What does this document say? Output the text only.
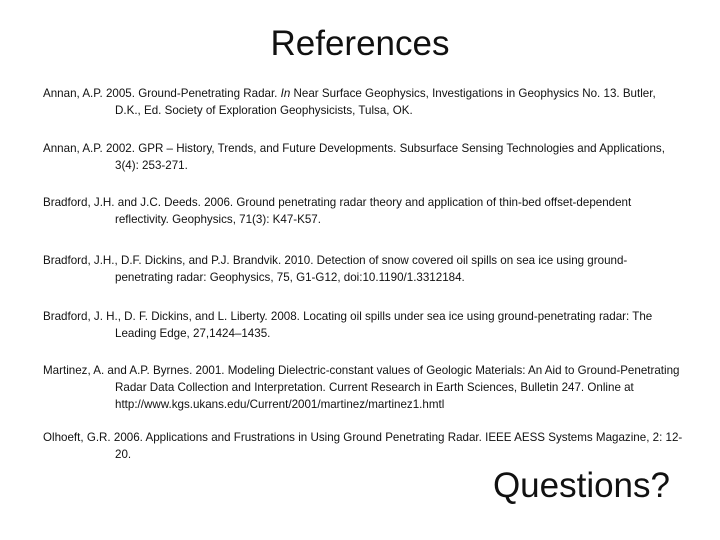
References
Annan, A.P. 2005. Ground-Penetrating Radar. In Near Surface Geophysics, Investigations in Geophysics No. 13. Butler, D.K., Ed. Society of Exploration Geophysicists, Tulsa, OK.
Annan, A.P. 2002. GPR – History, Trends, and Future Developments. Subsurface Sensing Technologies and Applications, 3(4): 253-271.
Bradford, J.H. and J.C. Deeds. 2006. Ground penetrating radar theory and application of thin-bed offset-dependent reflectivity. Geophysics, 71(3): K47-K57.
Bradford, J.H., D.F. Dickins, and P.J. Brandvik. 2010. Detection of snow covered oil spills on sea ice using ground-penetrating radar: Geophysics, 75, G1-G12, doi:10.1190/1.3312184.
Bradford, J. H., D. F. Dickins, and L. Liberty. 2008. Locating oil spills under sea ice using ground-penetrating radar: The Leading Edge, 27,1424–1435.
Martinez, A. and A.P. Byrnes. 2001. Modeling Dielectric-constant values of Geologic Materials: An Aid to Ground-Penetrating Radar Data Collection and Interpretation. Current Research in Earth Sciences, Bulletin 247. Online at http://www.kgs.ukans.edu/Current/2001/martinez/martinez1.hmtl
Olhoeft, G.R. 2006. Applications and Frustrations in Using Ground Penetrating Radar. IEEE AESS Systems Magazine, 2: 12-20.
Questions?
